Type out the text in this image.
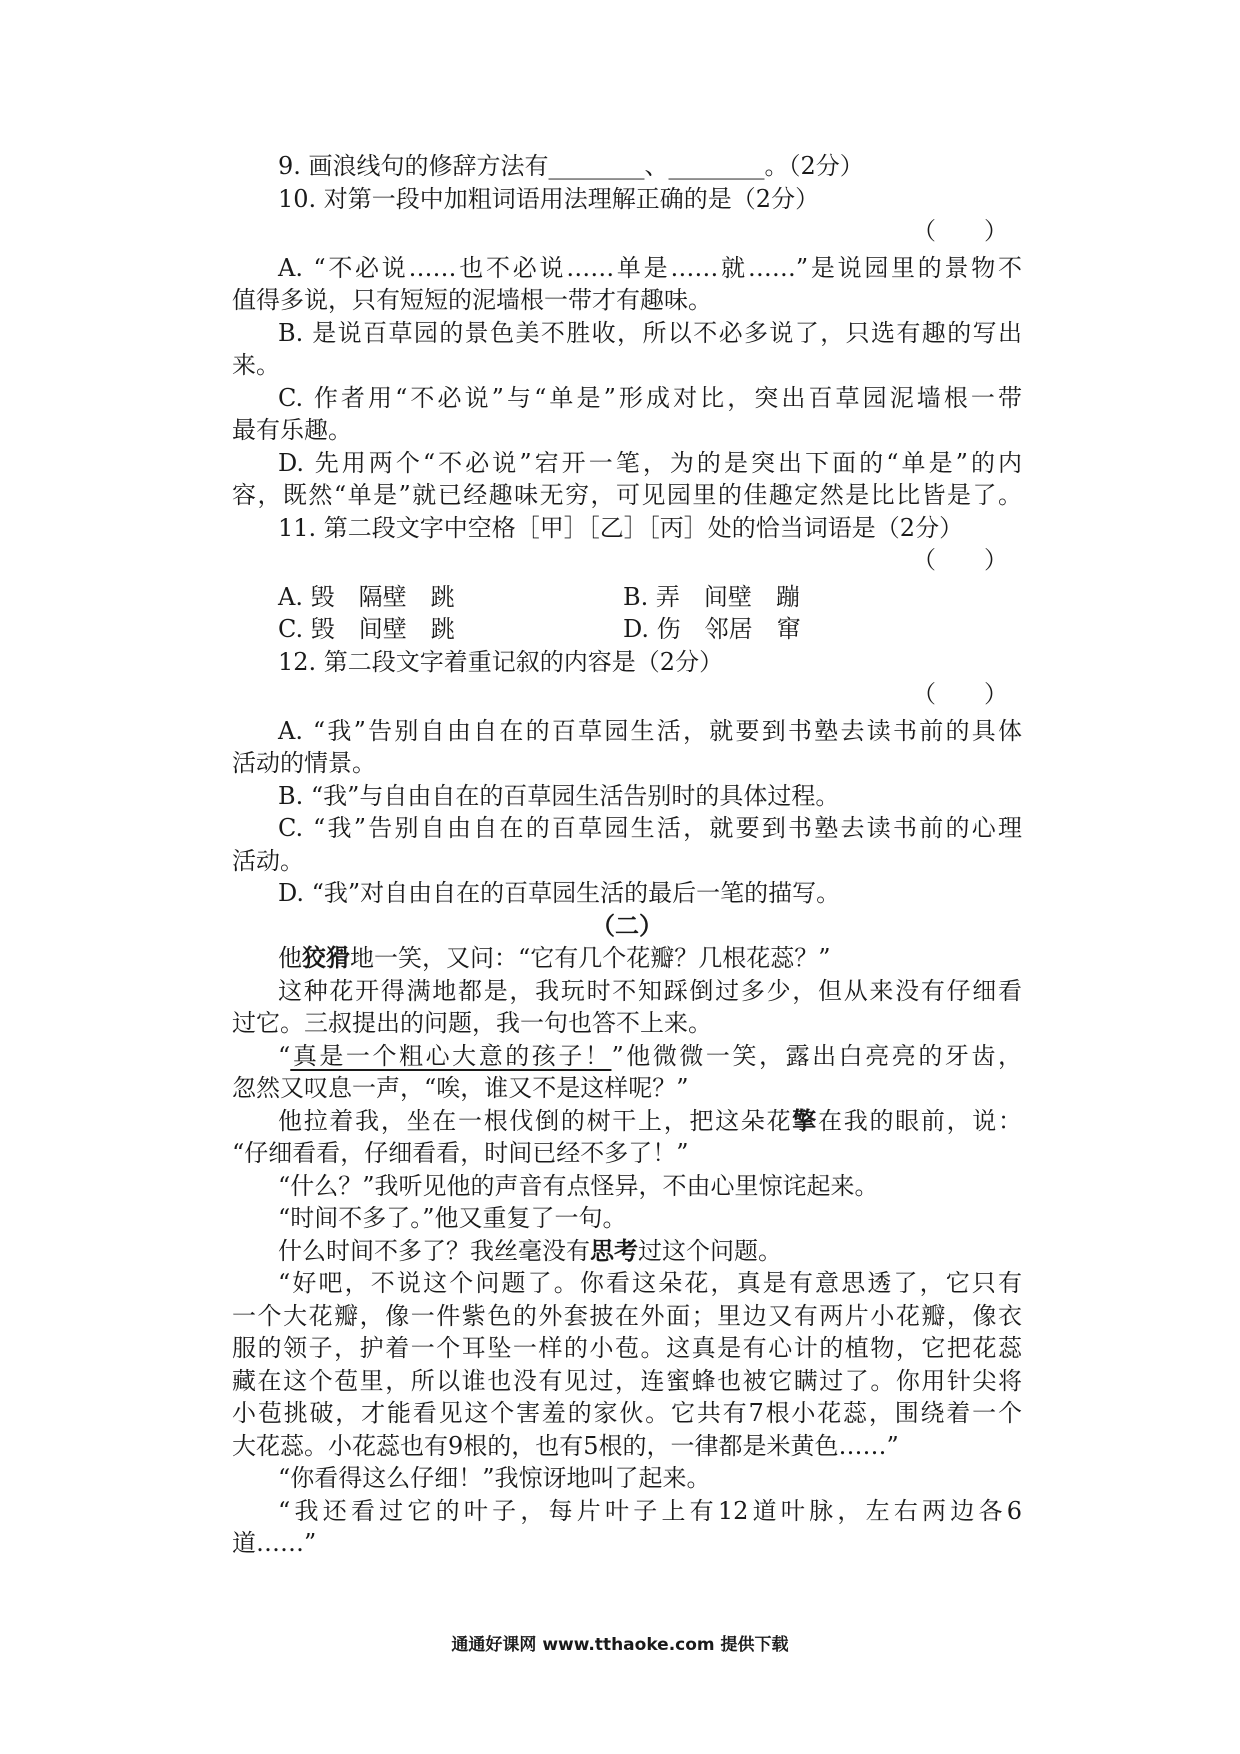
9. 画浪线句的修辞方法有________、________。（2分）
10. 对第一段中加粗词语用法理解正确的是（2分）
（　　）
A. “不必说……也不必说……单是……就……”是说园里的景物不
值得多说，只有短短的泥墙根一带才有趣味。
B. 是说百草园的景色美不胜收，所以不必多说了，只选有趣的写出
来。
C. 作者用“不必说”与“单是”形成对比，突出百草园泥墙根一带
最有乐趣。
D. 先用两个“不必说”宕开一笔，为的是突出下面的“单是”的内
容，既然“单是”就已经趣味无穷，可见园里的佳趣定然是比比皆是了。
11. 第二段文字中空格［甲］［乙］［丙］处的恰当词语是（2分）
（　　）
A. 毁　隔壁　跳	B. 弄　间壁　蹦
C. 毁　间壁　跳	D. 伤　邻居　窜
12. 第二段文字着重记叙的内容是（2分）
（　　）
A. “我”告别自由自在的百草园生活，就要到书塾去读书前的具体
活动的情景。
B. “我”与自由自在的百草园生活告别时的具体过程。
C. “我”告别自由自在的百草园生活，就要到书塾去读书前的心理
活动。
D. “我”对自由自在的百草园生活的最后一笔的描写。
（二）
他狡猾地一笑，又问：“它有几个花瓣？几根花蕊？”
这种花开得满地都是，我玩时不知踩倒过多少，但从来没有仔细看
过它。三叔提出的问题，我一句也答不上来。
“真是一个粗心大意的孩子！”他微微一笑，露出白亮亮的牙齿，
忽然又叹息一声，“唉，谁又不是这样呢？”
他拉着我，坐在一根伐倒的树干上，把这朵花擎在我的眼前，说：
“仔细看看，仔细看看，时间已经不多了！”
“什么？”我听见他的声音有点怪异，不由心里惊诧起来。
“时间不多了。”他又重复了一句。
什么时间不多了？我丝毫没有思考过这个问题。
“好吧，不说这个问题了。你看这朵花，真是有意思透了，它只有
一个大花瓣，像一件紫色的外套披在外面；里边又有两片小花瓣，像衣
服的领子，护着一个耳坠一样的小苞。这真是有心计的植物，它把花蕊
藏在这个苞里，所以谁也没有见过，连蜜蜂也被它瞒过了。你用针尖将
小苞挑破，才能看见这个害羞的家伙。它共有7根小花蕊，围绕着一个
大花蕊。小花蕊也有9根的，也有5根的，一律都是米黄色……”
“你看得这么仔细！”我惊讶地叫了起来。
“我还看过它的叶子，每片叶子上有12道叶脉，左右两边各6
道……”
通通好课网 www.tthaoke.com 提供下载
